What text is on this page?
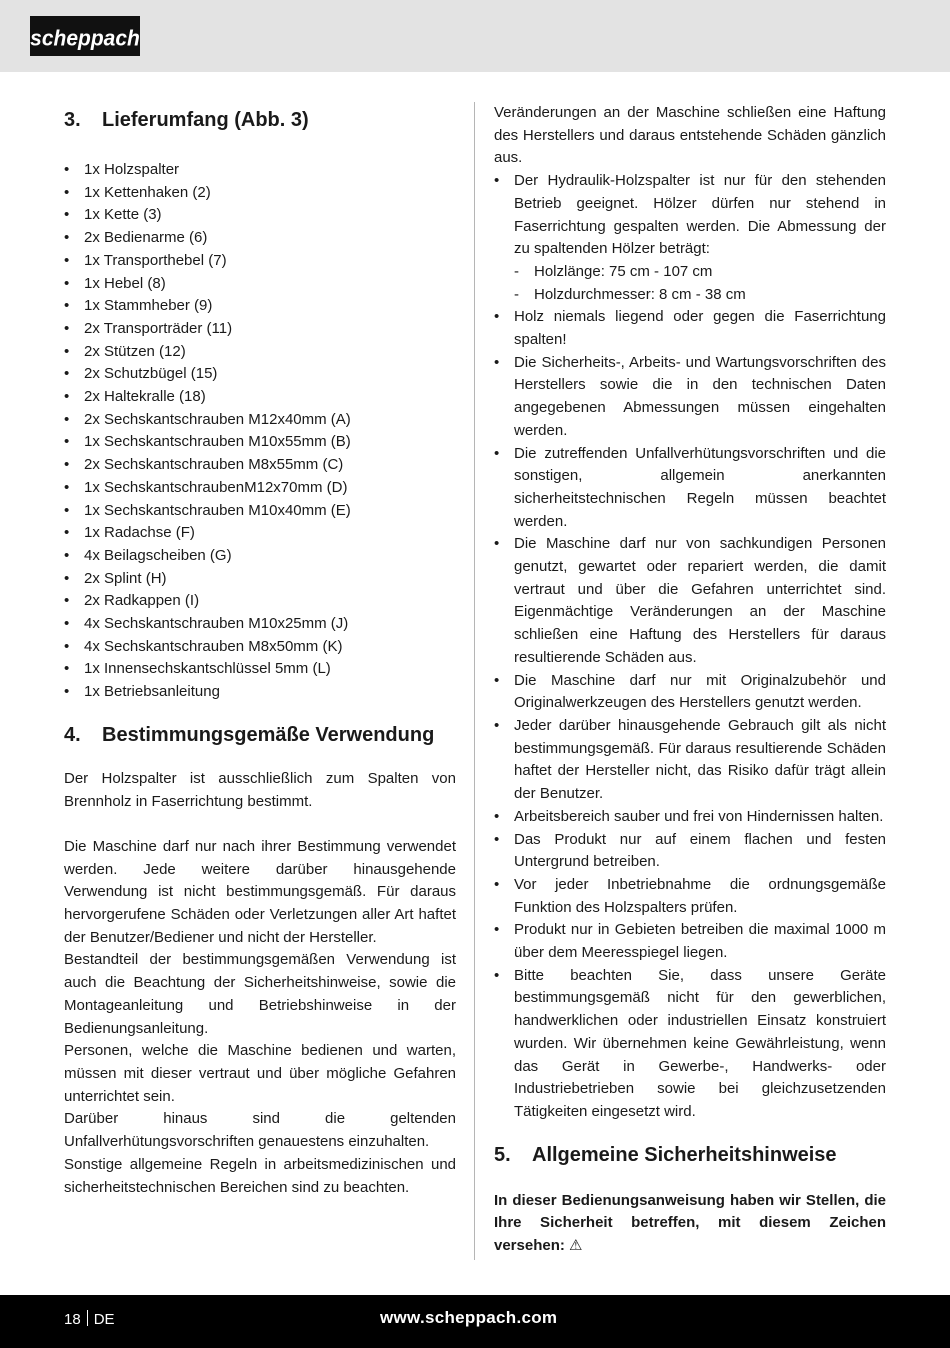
scheppach
3.	Lieferumfang (Abb. 3)
• 1x Holzspalter
• 1x Kettenhaken (2)
• 1x Kette (3)
• 2x Bedienarme (6)
• 1x Transporthebel (7)
• 1x Hebel (8)
• 1x Stammheber (9)
• 2x Transporträder (11)
• 2x Stützen (12)
• 2x Schutzbügel (15)
• 2x Haltekralle (18)
• 2x Sechskantschrauben M12x40mm (A)
• 1x Sechskantschrauben M10x55mm (B)
• 2x Sechskantschrauben M8x55mm (C)
• 1x SechskantschraubenM12x70mm (D)
• 1x Sechskantschrauben M10x40mm (E)
• 1x Radachse (F)
• 4x Beilagscheiben (G)
• 2x Splint (H)
• 2x Radkappen (I)
• 4x Sechskantschrauben M10x25mm (J)
• 4x Sechskantschrauben M8x50mm (K)
• 1x Innensechskantschlüssel 5mm (L)
• 1x Betriebsanleitung
4.	Bestimmungsgemäße Verwendung

Der Holzspalter ist ausschließlich zum Spalten von Brennholz in Faserrichtung bestimmt.

Die Maschine darf nur nach ihrer Bestimmung verwendet werden. Jede weitere darüber hinausgehende Verwendung ist nicht bestimmungsgemäß. Für daraus hervorgerufene Schäden oder Verletzungen aller Art haftet der Benutzer/Bediener und nicht der Hersteller.

Bestandteil der bestimmungsgemäßen Verwendung ist auch die Beachtung der Sicherheitshinweise, sowie die Montageanleitung und Betriebshinweise in der Bedienungsanleitung.

Personen, welche die Maschine bedienen und warten, müssen mit dieser vertraut und über mögliche Gefahren unterrichtet sein.

Darüber hinaus sind die geltenden Unfallverhütungsvorschriften genauestens einzuhalten.

Sonstige allgemeine Regeln in arbeitsmedizinischen und sicherheitstechnischen Bereichen sind zu beachten.

Veränderungen an der Maschine schließen eine Haftung des Herstellers und daraus entstehende Schäden gänzlich aus.

• Der Hydraulik-Holzspalter ist nur für den stehenden Betrieb geeignet. Hölzer dürfen nur stehend in Faserrichtung gespalten werden. Die Abmessung der zu spaltenden Hölzer beträgt:
- Holzlänge: 75 cm - 107 cm
- Holzdurchmesser: 8 cm - 38 cm
• Holz niemals liegend oder gegen die Faserrichtung spalten!
• Die Sicherheits-, Arbeits- und Wartungsvorschriften des Herstellers sowie die in den technischen Daten angegebenen Abmessungen müssen eingehalten werden.
• Die zutreffenden Unfallverhütungsvorschriften und die sonstigen, allgemein anerkannten sicherheitstechnischen Regeln müssen beachtet werden.
• Die Maschine darf nur von sachkundigen Personen genutzt, gewartet oder repariert werden, die damit vertraut und über die Gefahren unterrichtet sind. Eigenmächtige Veränderungen an der Maschine schließen eine Haftung des Herstellers für daraus resultierende Schäden aus.
• Die Maschine darf nur mit Originalzubehör und Originalwerkzeugen des Herstellers genutzt werden.
• Jeder darüber hinausgehende Gebrauch gilt als nicht bestimmungsgemäß. Für daraus resultierende Schäden haftet der Hersteller nicht, das Risiko dafür trägt allein der Benutzer.
• Arbeitsbereich sauber und frei von Hindernissen halten.
• Das Produkt nur auf einem flachen und festen Untergrund betreiben.
• Vor jeder Inbetriebnahme die ordnungsgemäße Funktion des Holzspalters prüfen.
• Produkt nur in Gebieten betreiben die maximal 1000 m über dem Meeresspiegel liegen.
• Bitte beachten Sie, dass unsere Geräte bestimmungsgemäß nicht für den gewerblichen, handwerklichen oder industriellen Einsatz konstruiert wurden. Wir übernehmen keine Gewährleistung, wenn das Gerät in Gewerbe-, Handwerks- oder Industriebetrieben sowie bei gleichzusetzenden Tätigkeiten eingesetzt wird.
5.	Allgemeine Sicherheitshinweise

In dieser Bedienungsanweisung haben wir Stellen, die Ihre Sicherheit betreffen, mit diesem Zeichen versehen: ⚠

18 DE	www.scheppach.com
